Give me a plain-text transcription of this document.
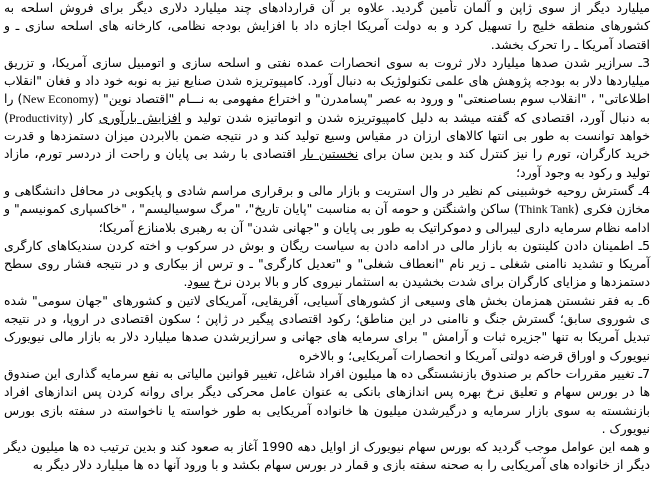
میلیارد دیگر از سوی ژاپن و آلمان تأمین گردید. علاوه بر آن قراردادهای چند میلیارد دلاری دیگر برای فروش اسلحه به کشورهای منطقه خلیج را تسهیل کرد و به دولت آمریکا اجازه داد با افزایش بودجه نظامی، کارخانه های اسلحه سازی ـ و اقتصاد آمریکا ـ را تحرک بخشد.

3ـ سرازیر شدن صدها میلیارد دلار ثروت به سوی انحصارات عمده نفتی و اسلحه سازی و اتومبیل سازی آمریکا، و تزریق میلیاردها دلار به بودجه پژوهش های علمی تکنولوژیک به دنبال آورد. کامپیوتریزه شدن صنایع نیز به نوبه خود داد و فغان "انقلاب اطلاعاتی" ، "انقلاب سوم بساصنعتی" و ورود به عصر "پسامدرن" و اختراع مفهومی به نـــام "اقتصاد نوین" (New Economy) را به دنبال آورد، اقتصادی که گفته میشد به دلیل کامپیوتریزه شدن و اتوماتیزه شدن تولید و افزایش بارآوری کار (Productivity) خواهد توانست به طور بی انتها کالاهای ارزان در مقیاس وسیع تولید کند و در نتیجه ضمن بالابردن میزان دستمزدها و قدرت خرید کارگران، تورم را نیز کنترل کند و بدین سان برای نخستین بار اقتصادی با رشد بی پایان و راحت از دردسر تورم، مازاد تولید و رکود به وجود آورد؛

4ـ گسترش روحیه خوشبینی کم نظیر در وال استریت و بازار مالی و برقراری مراسم شادی و پایکوبی در محافل دانشگاهی و مخازن فکری (Think Tank) ساکن واشنگتن و حومه آن به مناسبت "پایان تاریخ"، "مرگ سوسیالیسم" ، "خاکسپاری کمونیسم" و ادامه نظام سرمایه داری لیبرالی و دموکراتیک به طور بی پایان و "جهانی شدن" آن به رهبری بلامنازع آمریکا؛

5ـ اطمینان دادن کلینتون به بازار مالی در ادامه دادن به سیاست ریگان و بوش در سرکوب و اخته کردن سندیکاهای کارگری آمریکا و تشدید ناامنی شغلی ـ زیر نام "انعطاف شغلی" و "تعدیل کارگری" ـ و ترس از بیکاری و در نتیجه فشار روی سطح دستمزدها و مزایای کارگران برای شدت بخشیدن به استثمار نیروی کار و بالا بردن نرخ سود.

6ـ به فقر نشستن همزمان بخش های وسیعی از کشورهای آسیایی، آفریقایی، آمریکای لاتین و کشورهای "جهان سومی" شده ی شوروی سابق؛ گسترش جنگ و ناامنی در این مناطق؛ رکود اقتصادی پیگیر در ژاپن ؛ سکون اقتصادی در اروپا، و در نتیجه تبدیل آمریکا به تنها "جزیره ثبات و آرامش " برای سرمایه های جهانی و سرازیرشدن صدها میلیارد دلار به بازار مالی نیویورک نیویورک و اوراق قرضه دولتی آمریکا و انحصارات آمریکایی؛ و بالاخره

7ـ تغییر مقررات حاکم بر صندوق بازنشستگی ده ها میلیون افراد شاغل، تغییر قوانین مالیاتی به نفع سرمایه گذاری این صندوق ها در بورس سهام و تعلیق نرخ بهره پس اندازهای بانکی به عنوان عامل محرکی دیگر برای روانه کردن پس اندازهای افراد بازنشسته به سوی بازار سرمایه و درگیرشدن میلیون ها خانواده آمریکایی به طور خواسته یا ناخواسته در سفته بازی بورس نیویورک .

و همه این عوامل موجب گردید که بورس سهام نیویورک از اوایل دهه 1990 آغاز به صعود کند و بدین ترتیب ده ها میلیون دیگر دیگر از خانواده های آمریکایی را به صحنه سفته بازی و قمار در بورس سهام بکشد و با ورود آنها ده ها میلیارد دلار دیگر به
